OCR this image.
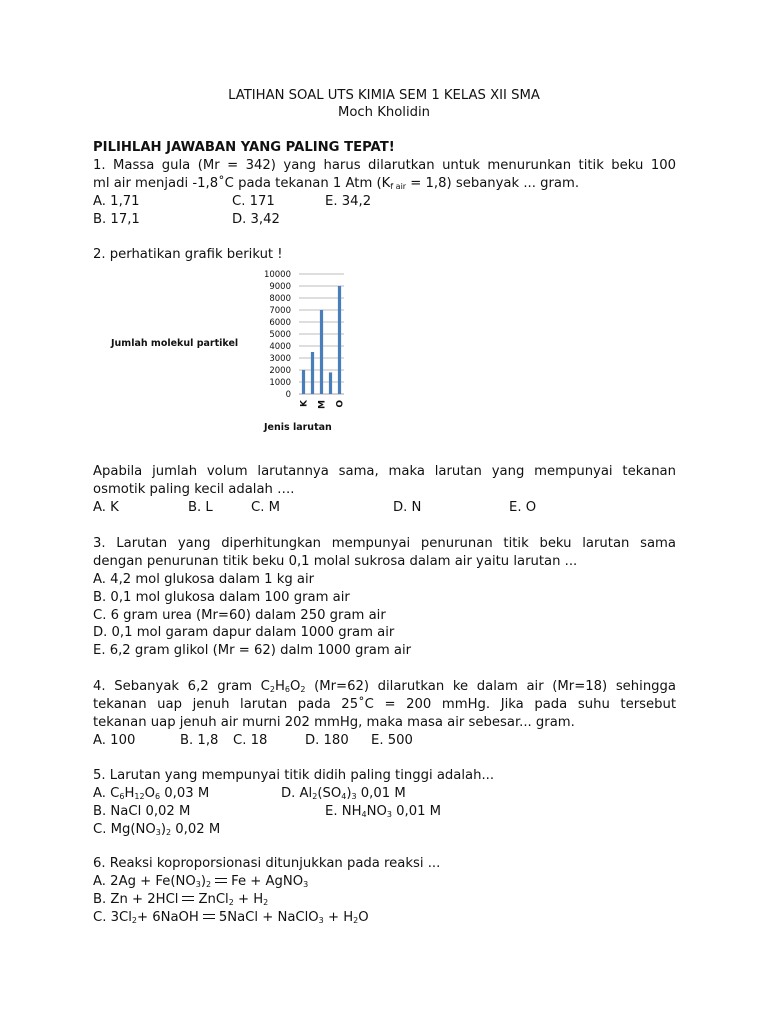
LATIHAN SOAL UTS KIMIA SEM 1 KELAS XII SMA
Moch Kholidin
PILIHLAH JAWABAN YANG PALING TEPAT!
1. Massa gula (Mr = 342) yang harus dilarutkan untuk menurunkan titik beku 100
ml air menjadi -1,8˚C pada tekanan 1 Atm $(K_{f air} = 1,8)$ sebanyak ... gram.
A. 1,71	C. 171	E. 34,2
B. 17,1	D. 3,42
2. perhatikan grafik berikut !
0
1000
2000
3000
4000
5000
6000
7000
8000
9000
10000
K M O
Jumlah molekul partikel
Jenis larutan
Apabila jumlah volum larutannya sama, maka larutan yang mempunyai tekanan
osmotik paling kecil adalah ….
A. K	B. L	C. M	D. N	E. O
3. Larutan yang diperhitungkan mempunyai penurunan titik beku larutan sama
dengan penurunan titik beku 0,1 molal sukrosa dalam air yaitu larutan ...
A. 4,2 mol glukosa dalam 1 kg air
B. 0,1 mol glukosa dalam 100 gram air
C. 6 gram urea (Mr=60) dalam 250 gram air
D. 0,1 mol garam dapur dalam 1000 gram air
E. 6,2 gram glikol (Mr = 62) dalm 1000 gram air
4. Sebanyak 6,2 gram $C_2H_6O_2$ (Mr=62) dilarutkan ke dalam air (Mr=18) sehingga
tekanan uap jenuh larutan pada 25˚C = 200 mmHg. Jika pada suhu tersebut
tekanan uap jenuh air murni 202 mmHg, maka masa air sebesar... gram.
A. 100	B. 1,8 C. 18	D. 180 E. 500
5. Larutan yang mempunyai titik didih paling tinggi adalah...
A. $C_6H_{12}O_6$ 0,03 M	D. $Al_2(SO_4)_3$ 0,01 M
B. NaCl 0,02 M	E. $NH_4NO_3$ 0,01 M
C. $Mg(NO_3)_2$ 0,02 M
6. Reaksi koproporsionasi ditunjukkan pada reaksi ...
A. $2Ag + Fe(NO_3)_2$ Fe + AgNO$_3$
B. Zn + 2HCl ZnCl$_2$ + $H_2$
C. $3Cl_2+$ 6NaOH 5NaCl + NaClO$_3$ + $H_2O$
